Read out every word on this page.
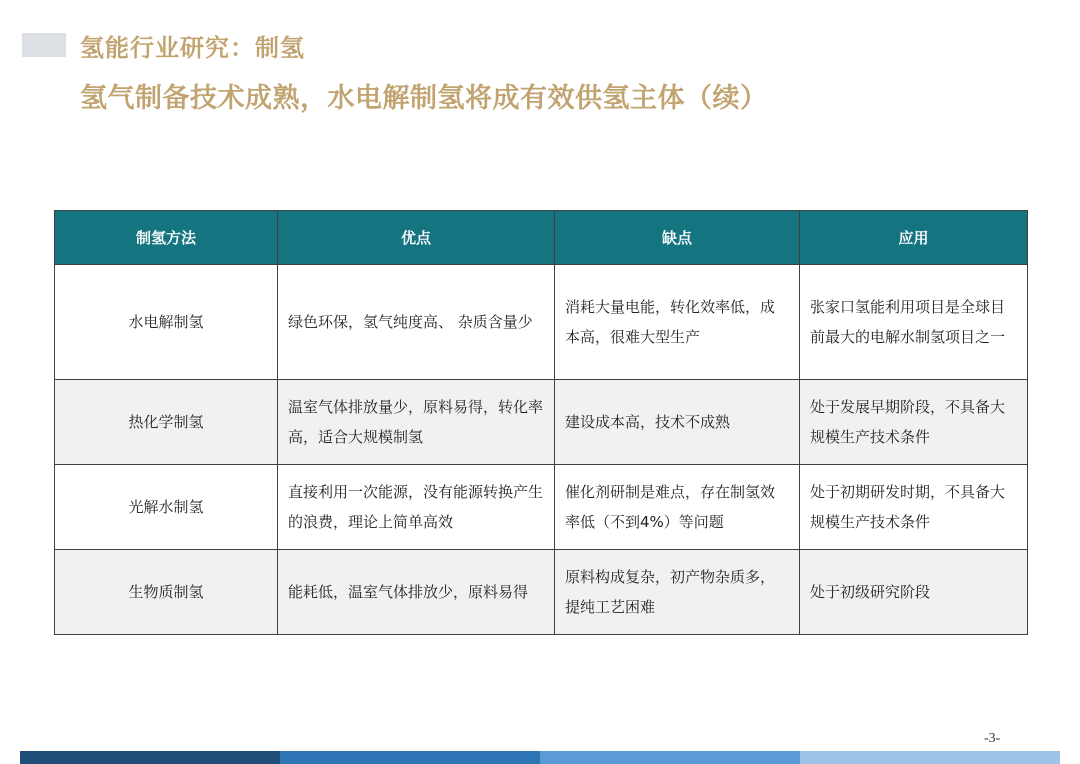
氢能行业研究：制氢
氢气制备技术成熟，水电解制氢将成有效供氢主体（续）
制氢方法	优点	缺点	应用
水电解制氢	绿色环保，氢气纯度高、 杂质含量少	消耗大量电能，转化效率低，成本高，很难大型生产	张家口氢能利用项目是全球目前最大的电解水制氢项目之一
热化学制氢	温室气体排放量少，原料易得，转化率高，适合大规模制氢	建设成本高，技术不成熟	处于发展早期阶段，不具备大规模生产技术条件
光解水制氢	直接利用一次能源，没有能源转换产生的浪费，理论上简单高效	催化剂研制是难点，存在制氢效率低（不到4%）等问题	处于初期研发时期，不具备大规模生产技术条件
生物质制氢	能耗低，温室气体排放少，原料易得	原料构成复杂，初产物杂质多，提纯工艺困难	处于初级研究阶段
-3-
